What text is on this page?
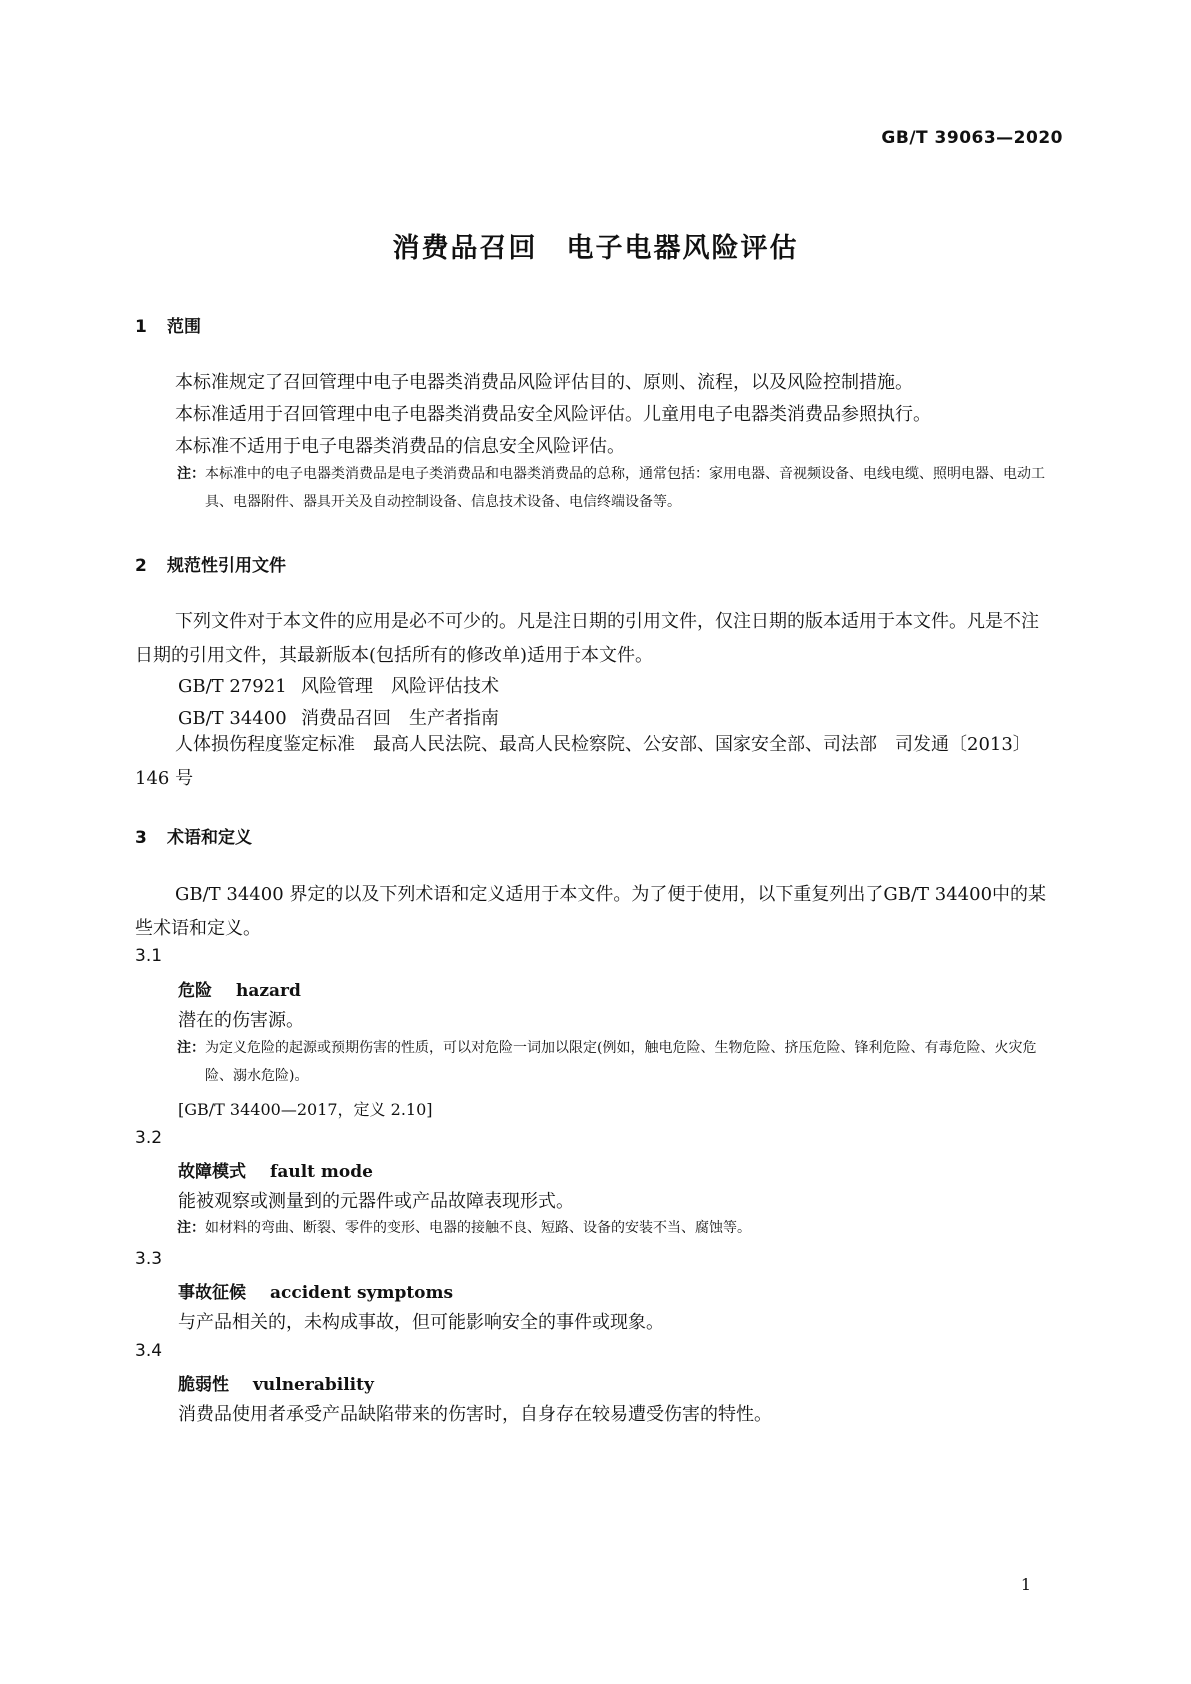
GB/T 39063—2020
消费品召回　电子电器风险评估
1 范围
本标准规定了召回管理中电子电器类消费品风险评估目的、原则、流程，以及风险控制措施。
本标准适用于召回管理中电子电器类消费品安全风险评估。儿童用电子电器类消费品参照执行。
本标准不适用于电子电器类消费品的信息安全风险评估。
注：本标准中的电子电器类消费品是电子类消费品和电器类消费品的总称，通常包括：家用电器、音视频设备、电线电缆、照明电器、电动工具、电器附件、器具开关及自动控制设备、信息技术设备、电信终端设备等。
2 规范性引用文件
下列文件对于本文件的应用是必不可少的。凡是注日期的引用文件，仅注日期的版本适用于本文件。凡是不注日期的引用文件，其最新版本(包括所有的修改单)适用于本文件。
GB/T 27921 风险管理　风险评估技术
GB/T 34400 消费品召回　生产者指南
人体损伤程度鉴定标准　最高人民法院、最高人民检察院、公安部、国家安全部、司法部　司发通〔2013〕146 号
3 术语和定义
GB/T 34400 界定的以及下列术语和定义适用于本文件。为了便于使用，以下重复列出了GB/T 34400中的某些术语和定义。
3.1
危险 hazard
潜在的伤害源。
注：为定义危险的起源或预期伤害的性质，可以对危险一词加以限定(例如，触电危险、生物危险、挤压危险、锋利危险、有毒危险、火灾危险、溺水危险)。
[GB/T 34400—2017，定义 2.10]
3.2
故障模式 fault mode
能被观察或测量到的元器件或产品故障表现形式。
注：如材料的弯曲、断裂、零件的变形、电器的接触不良、短路、设备的安装不当、腐蚀等。
3.3
事故征候 accident symptoms
与产品相关的，未构成事故，但可能影响安全的事件或现象。
3.4
脆弱性 vulnerability
消费品使用者承受产品缺陷带来的伤害时，自身存在较易遭受伤害的特性。
1
